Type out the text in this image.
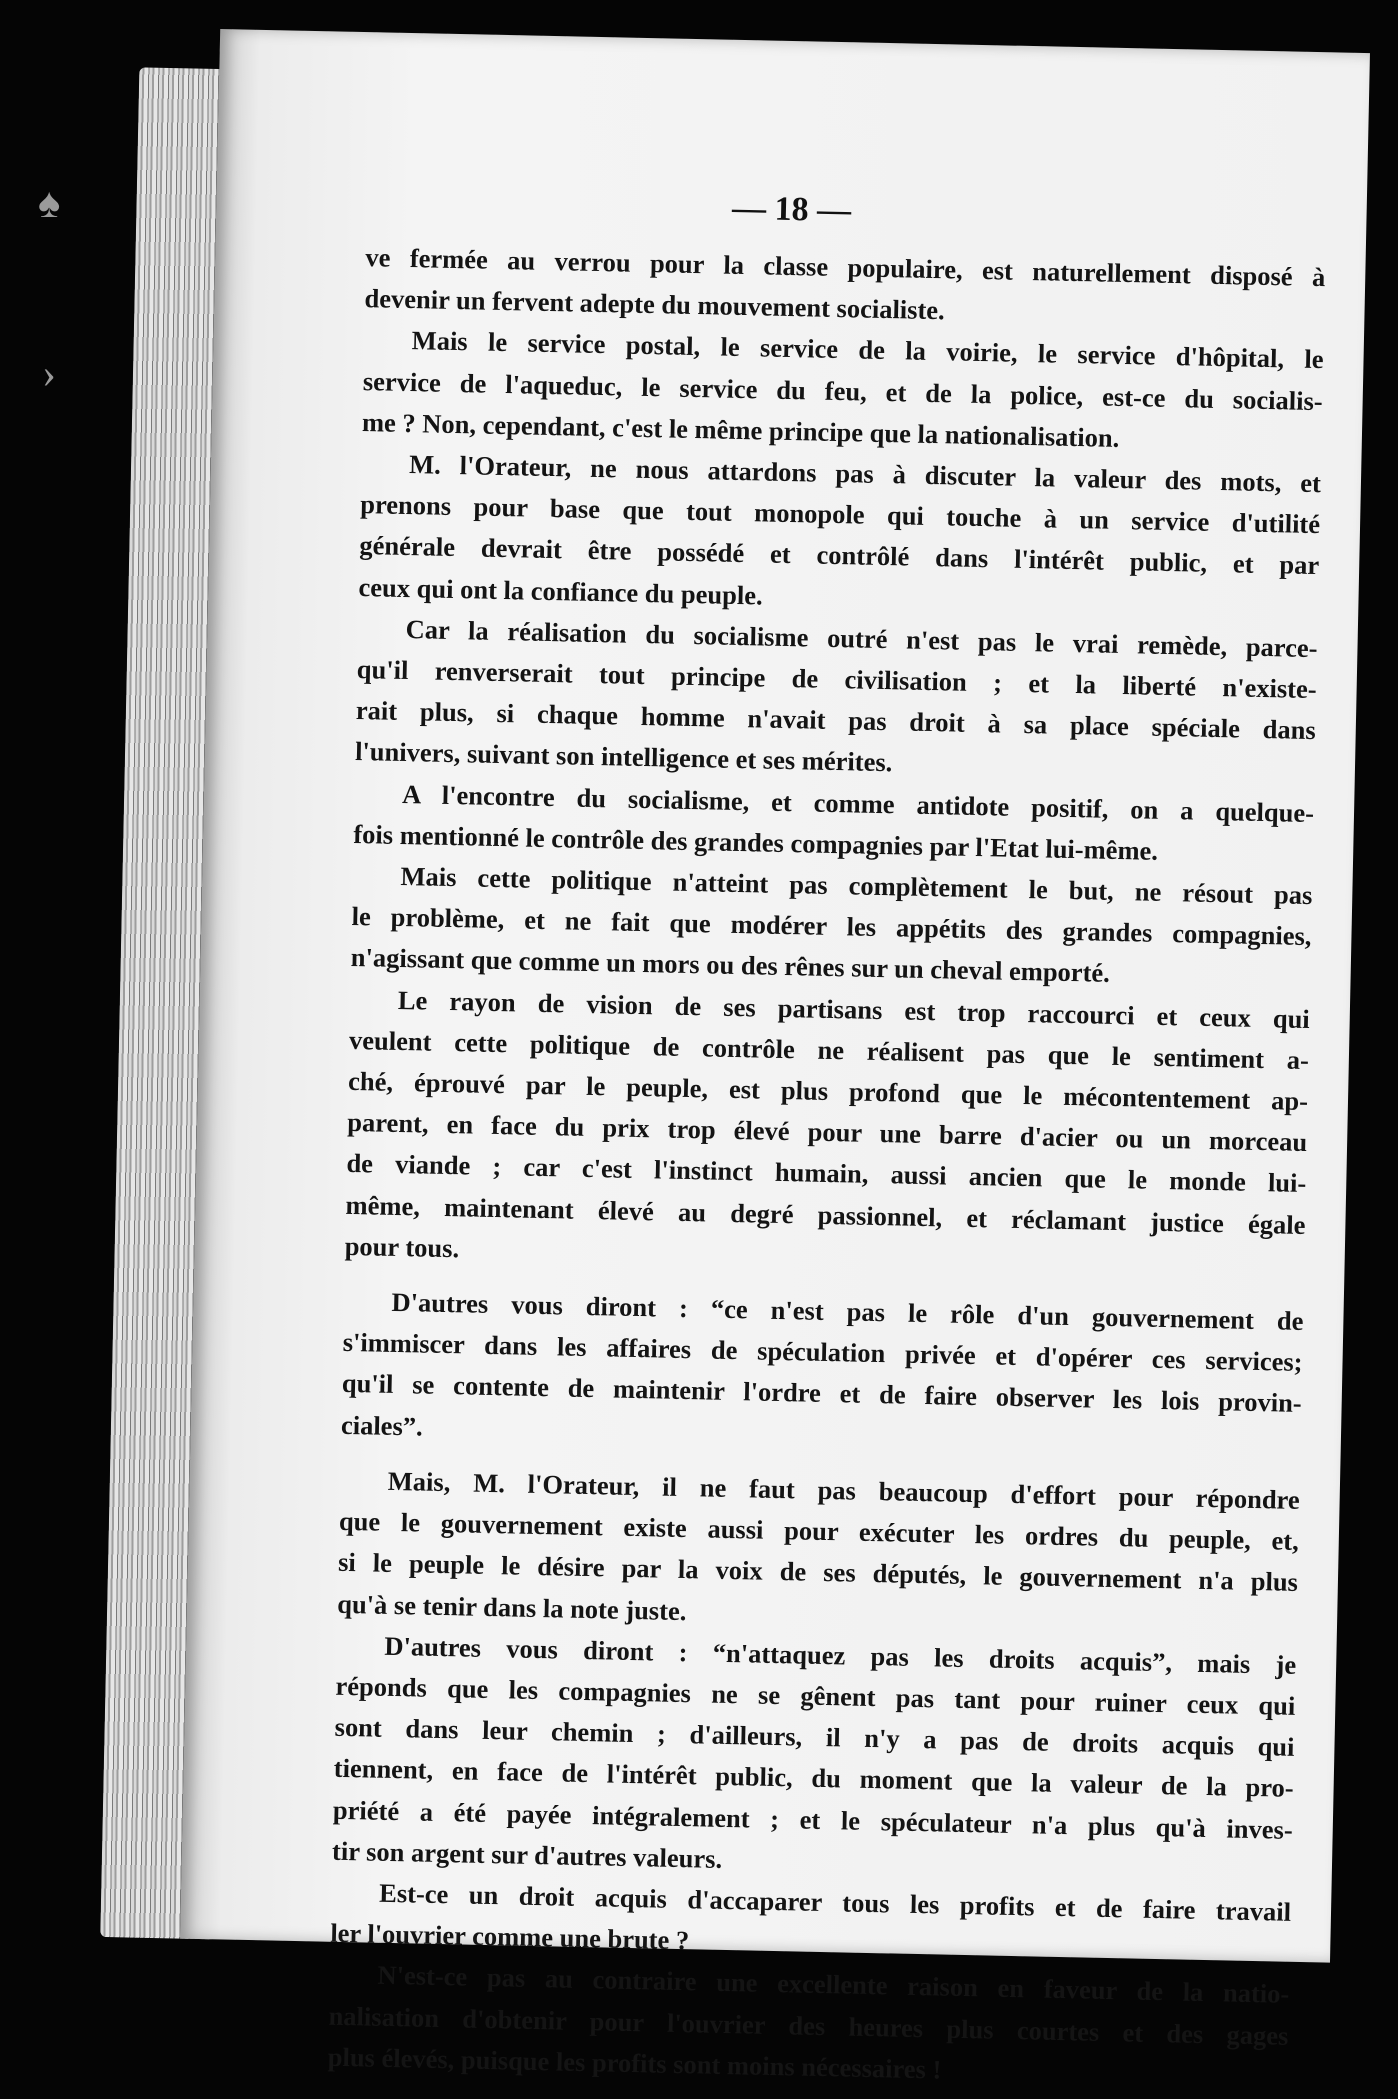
♠
›
— 18 —
ve fermée au verrou pour la classe populaire, est naturellement disposé à
devenir un fervent adepte du mouvement socialiste.
Mais le service postal, le service de la voirie, le service d'hôpital, le
service de l'aqueduc, le service du feu, et de la police, est-ce du socialis-
me ? Non, cependant, c'est le même principe que la nationalisation.
M. l'Orateur, ne nous attardons pas à discuter la valeur des mots, et
prenons pour base que tout monopole qui touche à un service d'utilité
générale devrait être possédé et contrôlé dans l'intérêt public, et par
ceux qui ont la confiance du peuple.
Car la réalisation du socialisme outré n'est pas le vrai remède, parce-
qu'il renverserait tout principe de civilisation ; et la liberté n'existe-
rait plus, si chaque homme n'avait pas droit à sa place spéciale dans
l'univers, suivant son intelligence et ses mérites.
A l'encontre du socialisme, et comme antidote positif, on a quelque-
fois mentionné le contrôle des grandes compagnies par l'Etat lui-même.
Mais cette politique n'atteint pas complètement le but, ne résout pas
le problème, et ne fait que modérer les appétits des grandes compagnies,
n'agissant que comme un mors ou des rênes sur un cheval emporté.
Le rayon de vision de ses partisans est trop raccourci et ceux qui
veulent cette politique de contrôle ne réalisent pas que le sentiment a-
ché, éprouvé par le peuple, est plus profond que le mécontentement ap-
parent, en face du prix trop élevé pour une barre d'acier ou un morceau
de viande ; car c'est l'instinct humain, aussi ancien que le monde lui-
même, maintenant élevé au degré passionnel, et réclamant justice égale
pour tous.
D'autres vous diront : “ce n'est pas le rôle d'un gouvernement de
s'immiscer dans les affaires de spéculation privée et d'opérer ces services;
qu'il se contente de maintenir l'ordre et de faire observer les lois provin-
ciales”.
Mais, M. l'Orateur, il ne faut pas beaucoup d'effort pour répondre
que le gouvernement existe aussi pour exécuter les ordres du peuple, et,
si le peuple le désire par la voix de ses députés, le gouvernement n'a plus
qu'à se tenir dans la note juste.
D'autres vous diront : “n'attaquez pas les droits acquis”, mais je
réponds que les compagnies ne se gênent pas tant pour ruiner ceux qui
sont dans leur chemin ; d'ailleurs, il n'y a pas de droits acquis qui
tiennent, en face de l'intérêt public, du moment que la valeur de la pro-
priété a été payée intégralement ; et le spéculateur n'a plus qu'à inves-
tir son argent sur d'autres valeurs.
Est-ce un droit acquis d'accaparer tous les profits et de faire travail
ler l'ouvrier comme une brute ?
N'est-ce pas au contraire une excellente raison en faveur de la natio-
nalisation d'obtenir pour l'ouvrier des heures plus courtes et des gages
plus élevés, puisque les profits sont moins nécessaires !
